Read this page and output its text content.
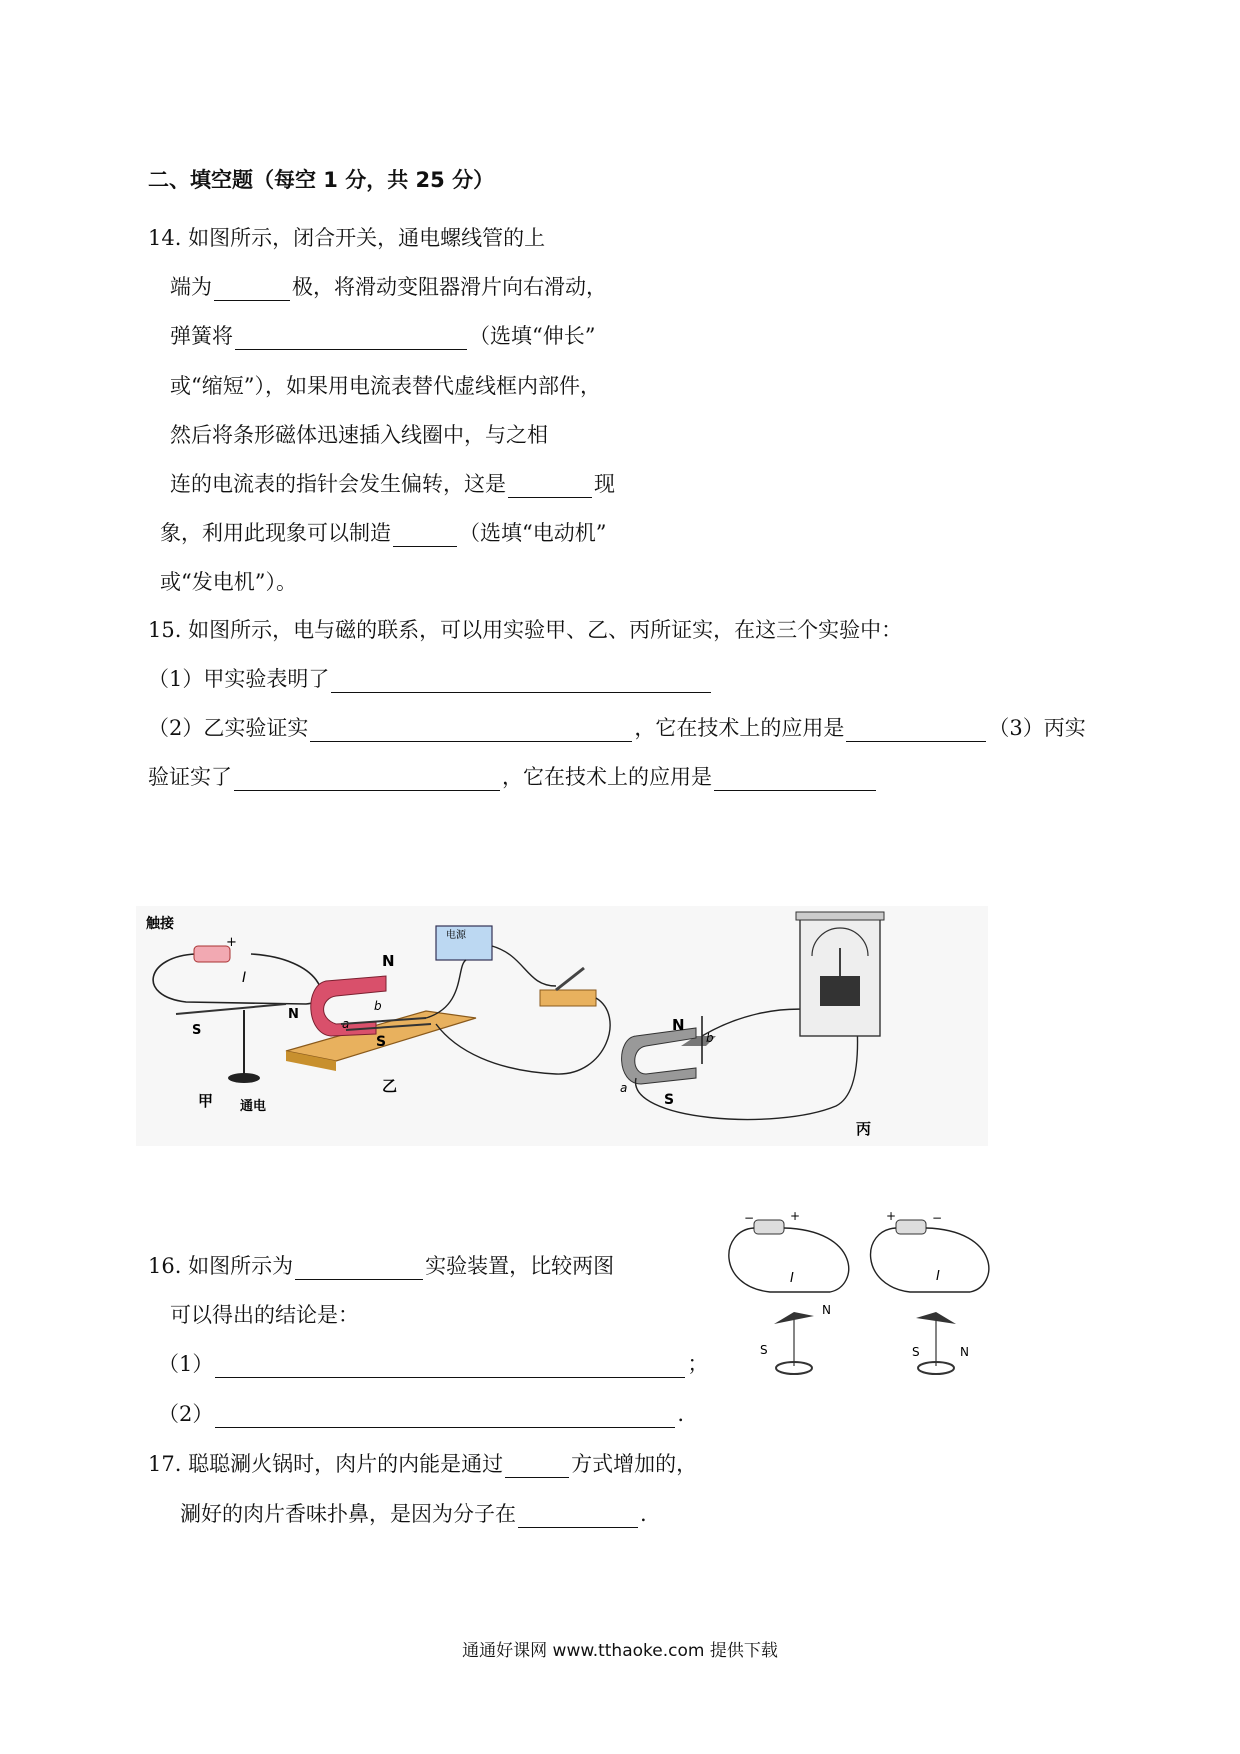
二、填空题（每空 1 分，共 25 分）
14. 如图所示，闭合开关，通电螺线管的上
端为	极，将滑动变阻器滑片向右滑动，
弹簧将	（选填“伸长”
或“缩短”），如果用电流表替代虚线框内部件，
然后将条形磁体迅速插入线圈中，与之相
连的电流表的指针会发生偏转，这是	现
象，利用此现象可以制造	（选填“电动机”
或“发电机”）。
15. 如图所示，电与磁的联系，可以用实验甲、乙、丙所证实，在这三个实验中：
（1）甲实验表明了
（2）乙实验证实	，它在技术上的应用是	（3）丙实
验证实了	，它在技术上的应用是
触接
+
I
N
S
甲 通电
N
S
b
乙
电源
N
S
b
a
丙
16. 如图所示为	实验装置，比较两图
可以得出的结论是：
（1）	；
（2）	.
−	+
I
N
S
+	−
I
S	N
17. 聪聪涮火锅时，肉片的内能是通过	方式增加的，
涮好的肉片香味扑鼻，是因为分子在	.
通通好课网 www.tthaoke.com 提供下载
